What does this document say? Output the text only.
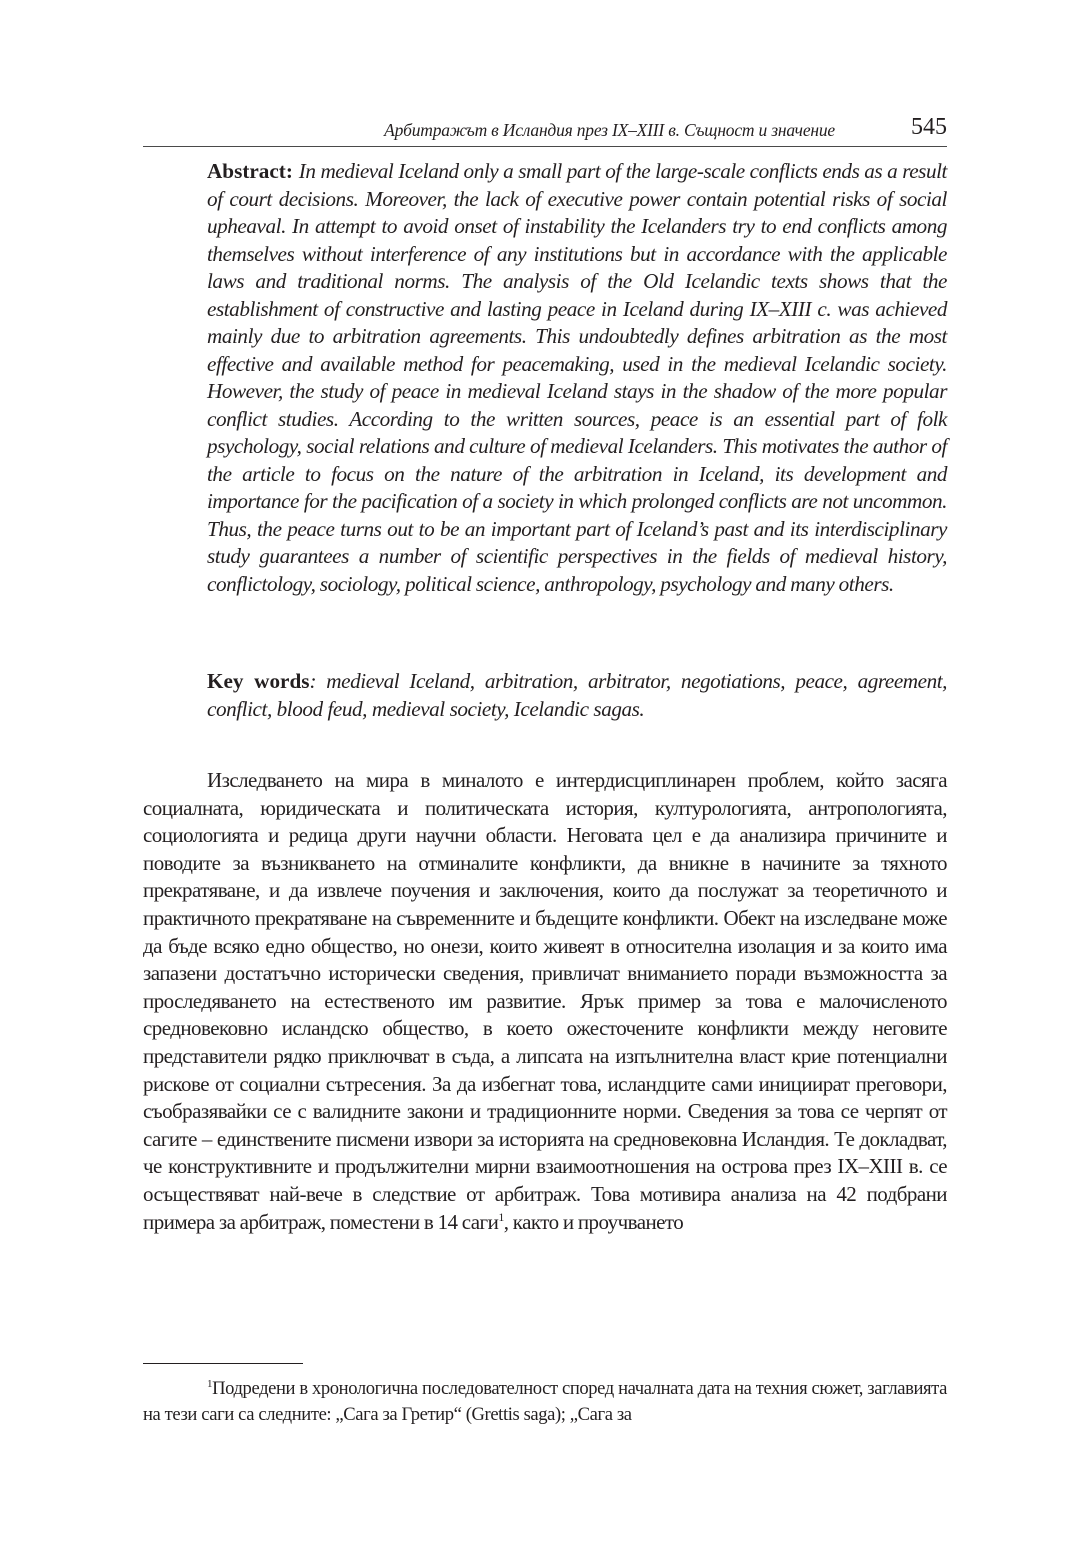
Арбитражът в Исландия през IX–XIII в. Същност и значение	545
Abstract: In medieval Iceland only a small part of the large-scale conflicts ends as a result of court decisions. Moreover, the lack of executive power contain potential risks of social upheaval. In attempt to avoid onset of instability the Icelanders try to end conflicts among themselves without interference of any institutions but in accordance with the applicable laws and traditional norms. The analysis of the Old Icelandic texts shows that the establishment of constructive and lasting peace in Iceland during IX–XIII c. was achieved mainly due to arbitration agreements. This undoubtedly defines arbitration as the most effective and available method for peacemaking, used in the medieval Icelandic society. However, the study of peace in medieval Iceland stays in the shadow of the more popular conflict studies. According to the written sources, peace is an essential part of folk psychology, social relations and culture of medieval Icelanders. This motivates the author of the article to focus on the nature of the arbitration in Iceland, its development and importance for the pacification of a society in which prolonged conflicts are not uncommon. Thus, the peace turns out to be an important part of Iceland’s past and its interdisciplinary study guarantees a number of scientific perspectives in the fields of medieval history, conflictology, sociology, political science, anthropology, psychology and many others.
Key words: medieval Iceland, arbitration, arbitrator, negotiations, peace, agreement, conflict, blood feud, medieval society, Icelandic sagas.
Изследването на мира в миналото е интердисциплинарен проблем, който засяга социалната, юридическата и политическата история, културологията, антропологията, социологията и редица други научни области. Неговата цел е да анализира причините и поводите за възникването на отминалите конфликти, да вникне в начините за тяхното прекратяване, и да извлече поучения и заключения, които да послужат за теоретичното и практичното прекратяване на съвременните и бъдещите конфликти. Обект на изследване може да бъде всяко едно общество, но онези, които живеят в относителна изолация и за които има запазени достатъчно исторически сведения, привличат вниманието поради възможността за проследяването на естественото им развитие. Ярък пример за това е малочисленото средновековно исландско общество, в което ожесточените конфликти между неговите представители рядко приключват в съда, а липсата на изпълнителна власт крие потенциални рискове от социални сътресения. За да избегнат това, исландците сами инициират преговори, съобразявайки се с валидните закони и традиционните норми. Сведения за това се черпят от сагите – единствените писмени извори за историята на средновековна Исландия. Те докладват, че конструктивните и продължителни мирни взаимоотношения на острова през IX–XIII в. се осъществяват най-вече в следствие от арбитраж. Това мотивира анализа на 42 подбрани примера за арбитраж, поместени в 14 саги$^1$, както и проучването
$^1$Подредени в хронологична последователност според началната дата на техния сюжет, заглавията на тези саги са следните: „Сага за Гретир“ (Grettis saga); „Сага за
